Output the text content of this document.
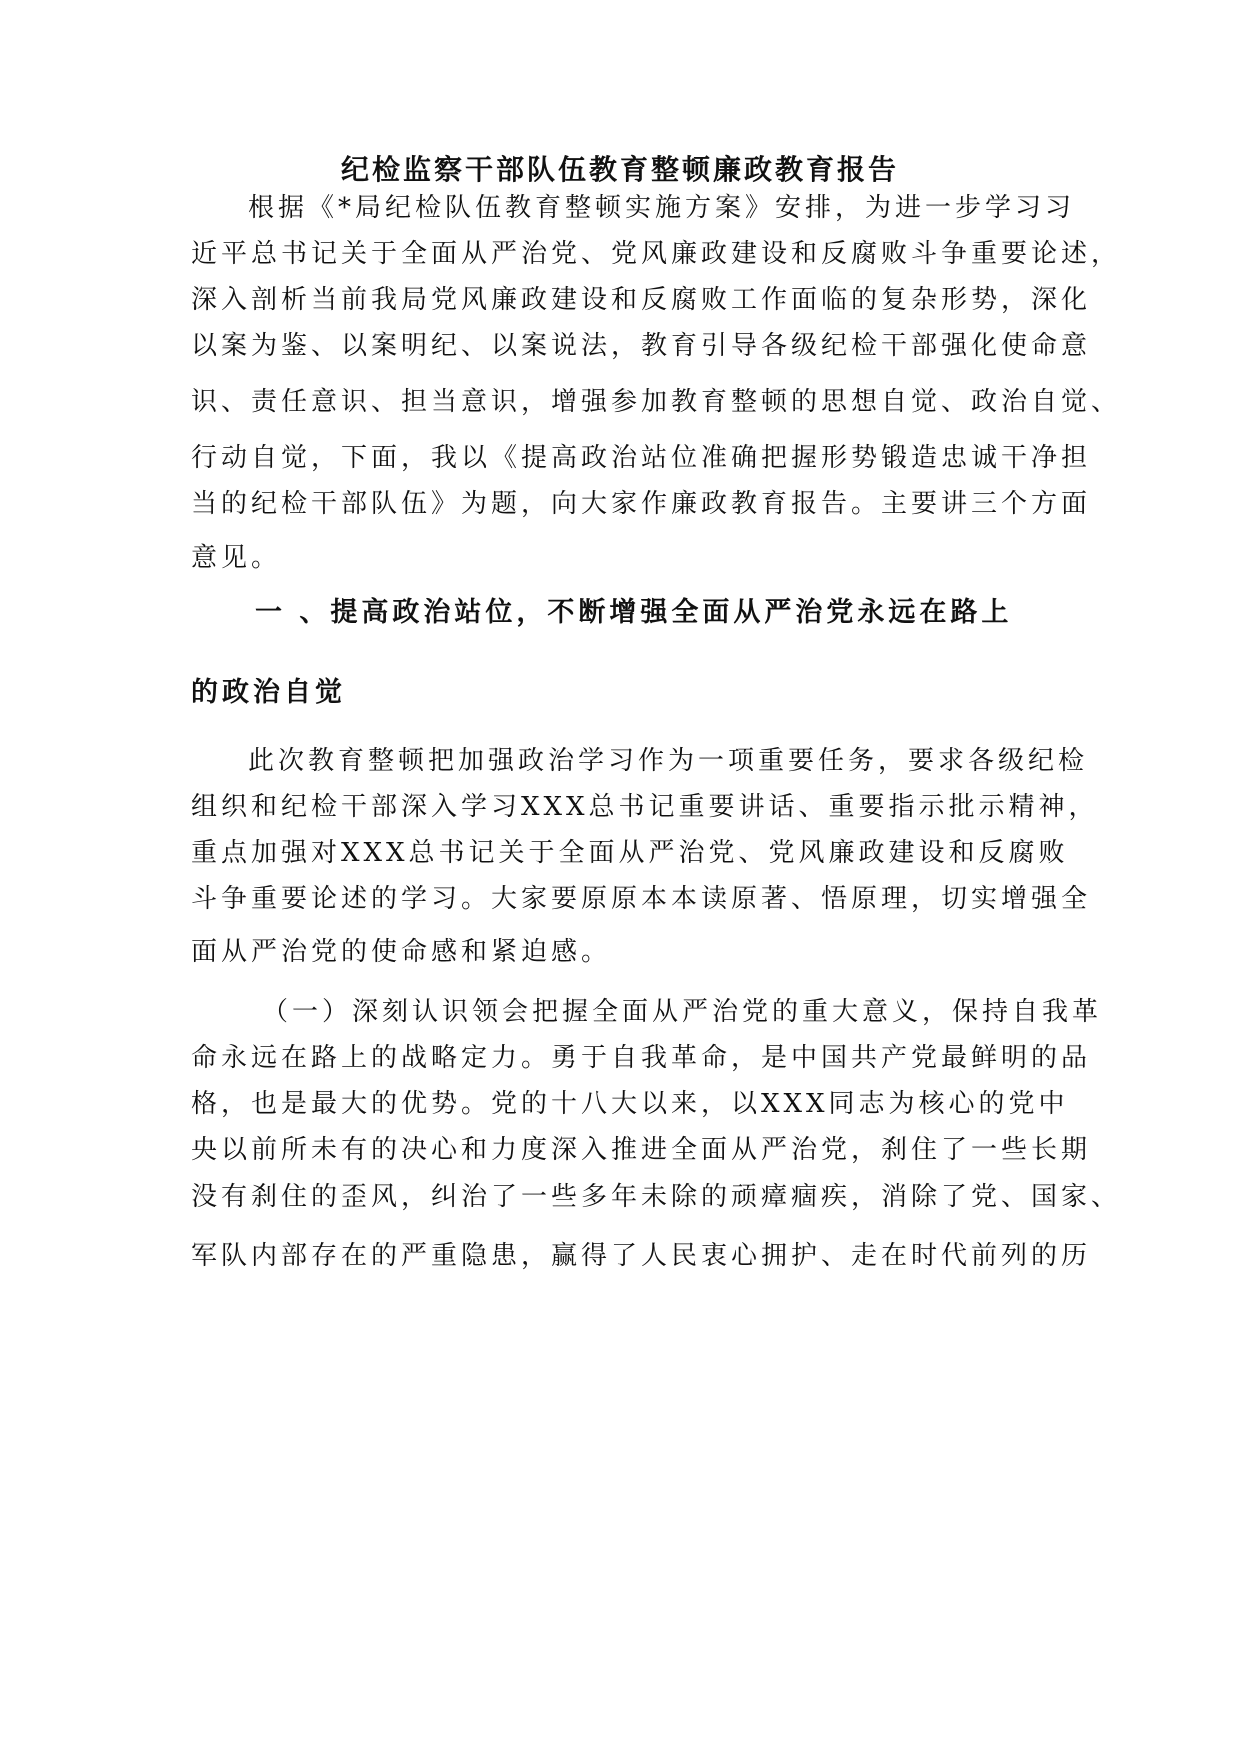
纪检监察干部队伍教育整顿廉政教育报告
根据《*局纪检队伍教育整顿实施方案》安排，为进一步学习习
近平总书记关于全面从严治党、党风廉政建设和反腐败斗争重要论述，
深入剖析当前我局党风廉政建设和反腐败工作面临的复杂形势，深化
以案为鉴、以案明纪、以案说法，教育引导各级纪检干部强化使命意
识、责任意识、担当意识，增强参加教育整顿的思想自觉、政治自觉、
行动自觉，下面，我以《提高政治站位准确把握形势锻造忠诚干净担
当的纪检干部队伍》为题，向大家作廉政教育报告。主要讲三个方面
意见。
一 、提高政治站位，不断增强全面从严治党永远在路上
的政治自觉
此次教育整顿把加强政治学习作为一项重要任务，要求各级纪检
组织和纪检干部深入学习XXX总书记重要讲话、重要指示批示精神，
重点加强对XXX总书记关于全面从严治党、党风廉政建设和反腐败
斗争重要论述的学习。大家要原原本本读原著、悟原理，切实增强全
面从严治党的使命感和紧迫感。
（一）深刻认识领会把握全面从严治党的重大意义，保持自我革
命永远在路上的战略定力。勇于自我革命，是中国共产党最鲜明的品
格，也是最大的优势。党的十八大以来，以XXX同志为核心的党中
央以前所未有的决心和力度深入推进全面从严治党，刹住了一些长期
没有刹住的歪风，纠治了一些多年未除的顽瘴痼疾，消除了党、国家、
军队内部存在的严重隐患，赢得了人民衷心拥护、走在时代前列的历
